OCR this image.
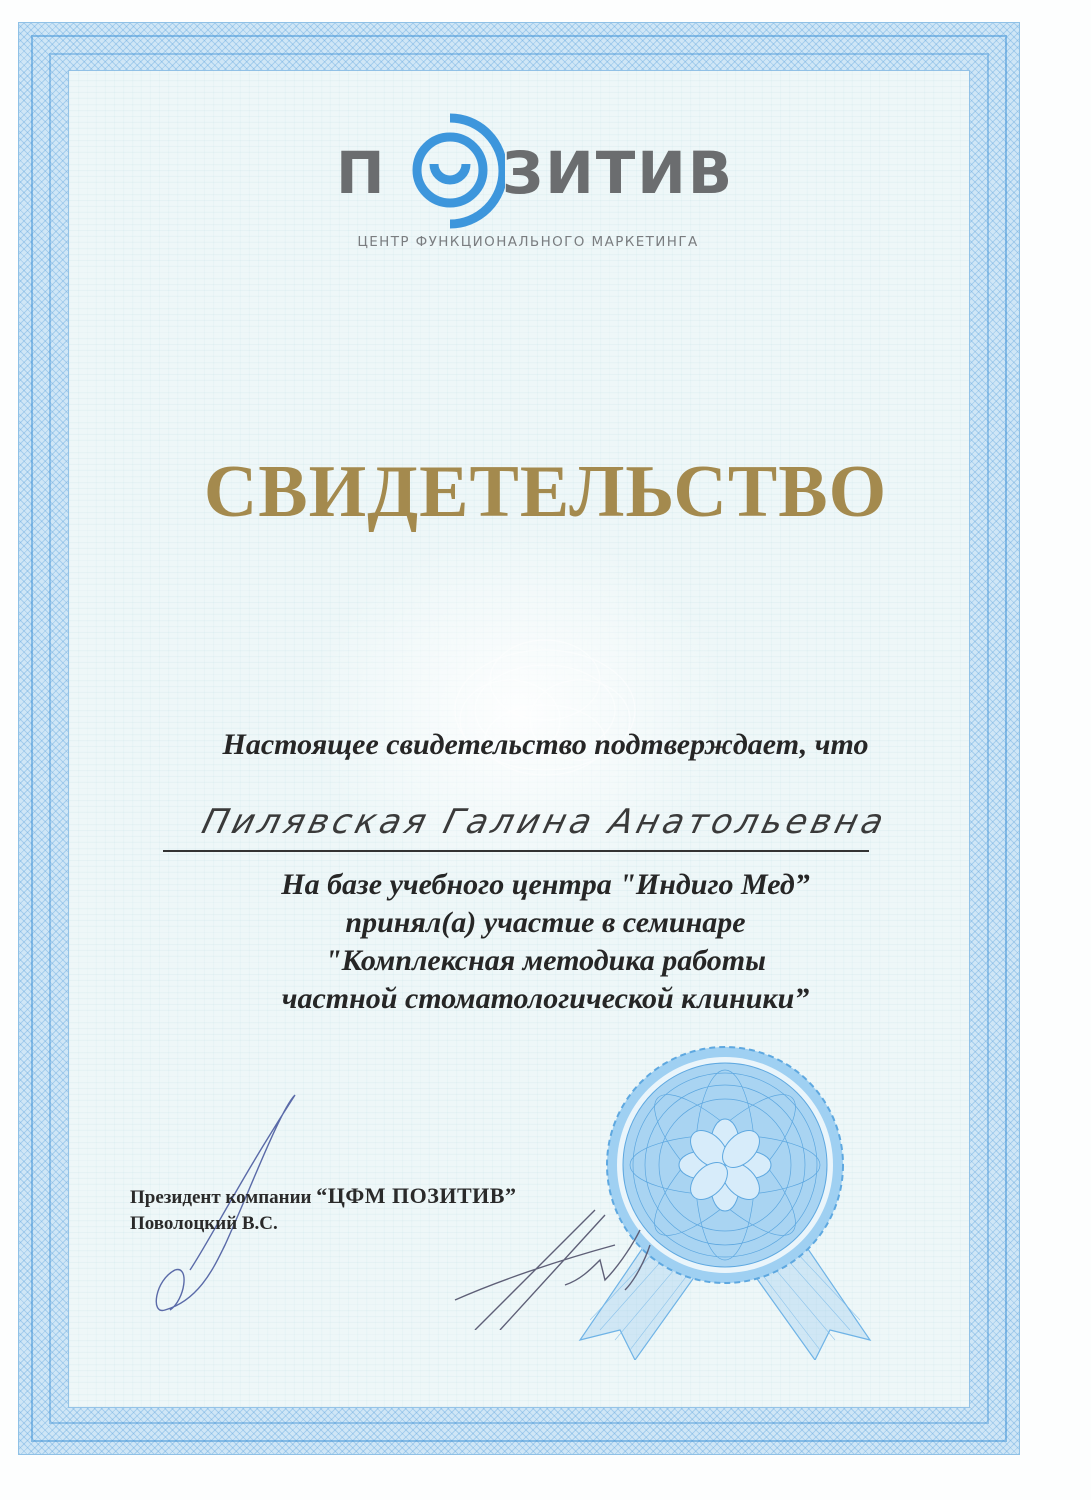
П ЗИТИВ
ЦЕНТР ФУНКЦИОНАЛЬНОГО МАРКЕТИНГА
СВИДЕТЕЛЬСТВО
Настоящее свидетельство подтверждает, что
Пилявская Галина Анатольевна
На базе учебного центра "Индиго Мед”
принял(а) участие в семинаре
"Комплексная методика работы
частной стоматологической клиники”
Президент компании “ЦФМ ПОЗИТИВ”
Поволоцкий В.С.
